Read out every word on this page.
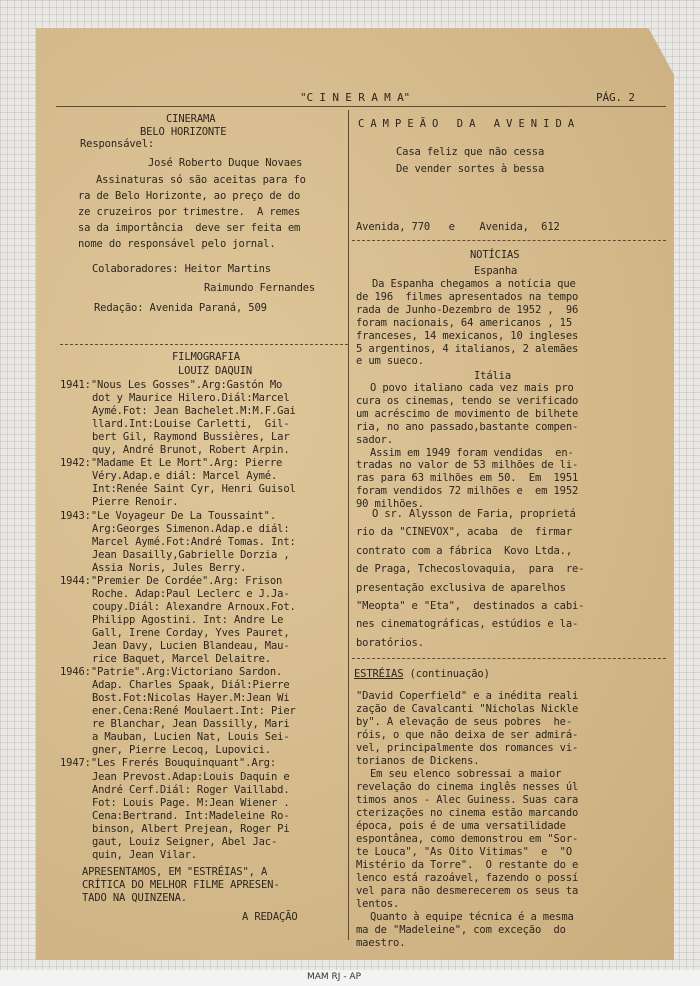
"C I N E R A M A"	PÁG. 2
CINERAMA
BELO HORIZONTE
Responsável:
José Roberto Duque Novaes
Assinaturas só são aceitas para fo
ra de Belo Horizonte, ao preço de do
ze cruzeiros por trimestre.  A remes
sa da importância  deve ser feita em
nome do responsável pelo jornal.
Colaboradores: Heitor Martins
Raimundo Fernandes
Redação: Avenida Paraná, 509
C A M P E Ã O   D A   A V E N I D A
Casa feliz que não cessa
De vender sortes à bessa
Avenida, 770   e    Avenida,  612
FILMOGRAFIA
LOUIZ DAQUIN
1941:"Nous Les Gosses".Arg:Gastón Mo
dot y Maurice Hilero.Diál:Marcel
Aymé.Fot: Jean Bachelet.M:M.F.Gai
llard.Int:Louise Carletti,  Gil-
bert Gil, Raymond Bussières, Lar
quy, André Brunot, Robert Arpin.
1942:"Madame Et Le Mort".Arg: Pierre
Véry.Adap.e diál: Marcel Aymé.
Int:Renée Saint Cyr, Henri Guisol
Pierre Renoir.
1943:"Le Voyageur De La Toussaint".
Arg:Georges Simenon.Adap.e diál:
Marcel Aymé.Fot:André Tomas. Int:
Jean Dasailly,Gabrielle Dorzia ,
Assia Noris, Jules Berry.
1944:"Premier De Cordée".Arg: Frison
Roche. Adap:Paul Leclerc e J.Ja-
coupy.Diál: Alexandre Arnoux.Fot.
Philipp Agostini. Int: Andre Le
Gall, Irene Corday, Yves Pauret,
Jean Davy, Lucien Blandeau, Mau-
rice Baquet, Marcel Delaitre.
1946:"Patrie".Arg:Victoriano Sardon.
Adap. Charles Spaak, Diál:Pierre
Bost.Fot:Nicolas Hayer.M:Jean Wi
ener.Cena:René Moulaert.Int: Pier
re Blanchar, Jean Dassilly, Mari
a Mauban, Lucien Nat, Louis Sei-
gner, Pierre Lecoq, Lupovici.
1947:"Les Frerés Bouquinquant".Arg:
Jean Prevost.Adap:Louis Daquin e
André Cerf.Diál: Roger Vaillabd.
Fot: Louis Page. M:Jean Wiener .
Cena:Bertrand. Int:Madeleine Ro-
binson, Albert Prejean, Roger Pi
gaut, Louiz Seigner, Abel Jac-
quin, Jean Vilar.
APRESENTAMOS, EM "ESTRÉIAS", A
CRÍTICA DO MELHOR FILME APRESEN-
TADO NA QUINZENA.
A REDAÇÃO
NOTÍCIAS
Espanha
Da Espanha chegamos a notícia que
de 196  filmes apresentados na tempo
rada de Junho-Dezembro de 1952 ,  96
foram nacionais, 64 americanos , 15
franceses, 14 mexicanos, 10 ingleses
5 argentinos, 4 italianos, 2 alemães
e um sueco.
Itália
O povo italiano cada vez mais pro
cura os cinemas, tendo se verificado
um acréscimo de movimento de bilhete
ria, no ano passado,bastante compen-
sador.
Assim em 1949 foram vendidas  en-
tradas no valor de 53 milhões de li-
ras para 63 milhões em 50.  Em  1951
foram vendidos 72 milhões e  em 1952
90 milhões.
O sr. Alysson de Faria, proprietá
rio da "CINEVOX", acaba  de  firmar
contrato com a fábrica  Kovo Ltda.,
de Praga, Tchecoslovaquia,  para  re-
presentação exclusiva de aparelhos
"Meopta" e "Eta",  destinados a cabi-
nes cinematográficas, estúdios e la-
boratórios.
ESTRÉIAS (continuação)
"David Coperfield" e a inédita reali
zação de Cavalcanti "Nicholas Nickle
by". A elevação de seus pobres  he-
róis, o que não deixa de ser admirá-
vel, principalmente dos romances vi-
torianos de Dickens.
Em seu elenco sobressai a maior
revelação do cinema inglês nesses úl
timos anos - Alec Guiness. Suas cara
cterizações no cinema estão marcando
época, pois é de uma versatilidade
espontânea, como demonstrou em "Sor-
te Louca", "As Oito Vitimas"  e  "O
Mistério da Torre".  O restante do e
lenco está razoável, fazendo o possí
vel para não desmerecerem os seus ta
lentos.
Quanto à equipe técnica é a mesma
ma de "Madeleine", com exceção  do
maestro.
MAM RJ - AP
